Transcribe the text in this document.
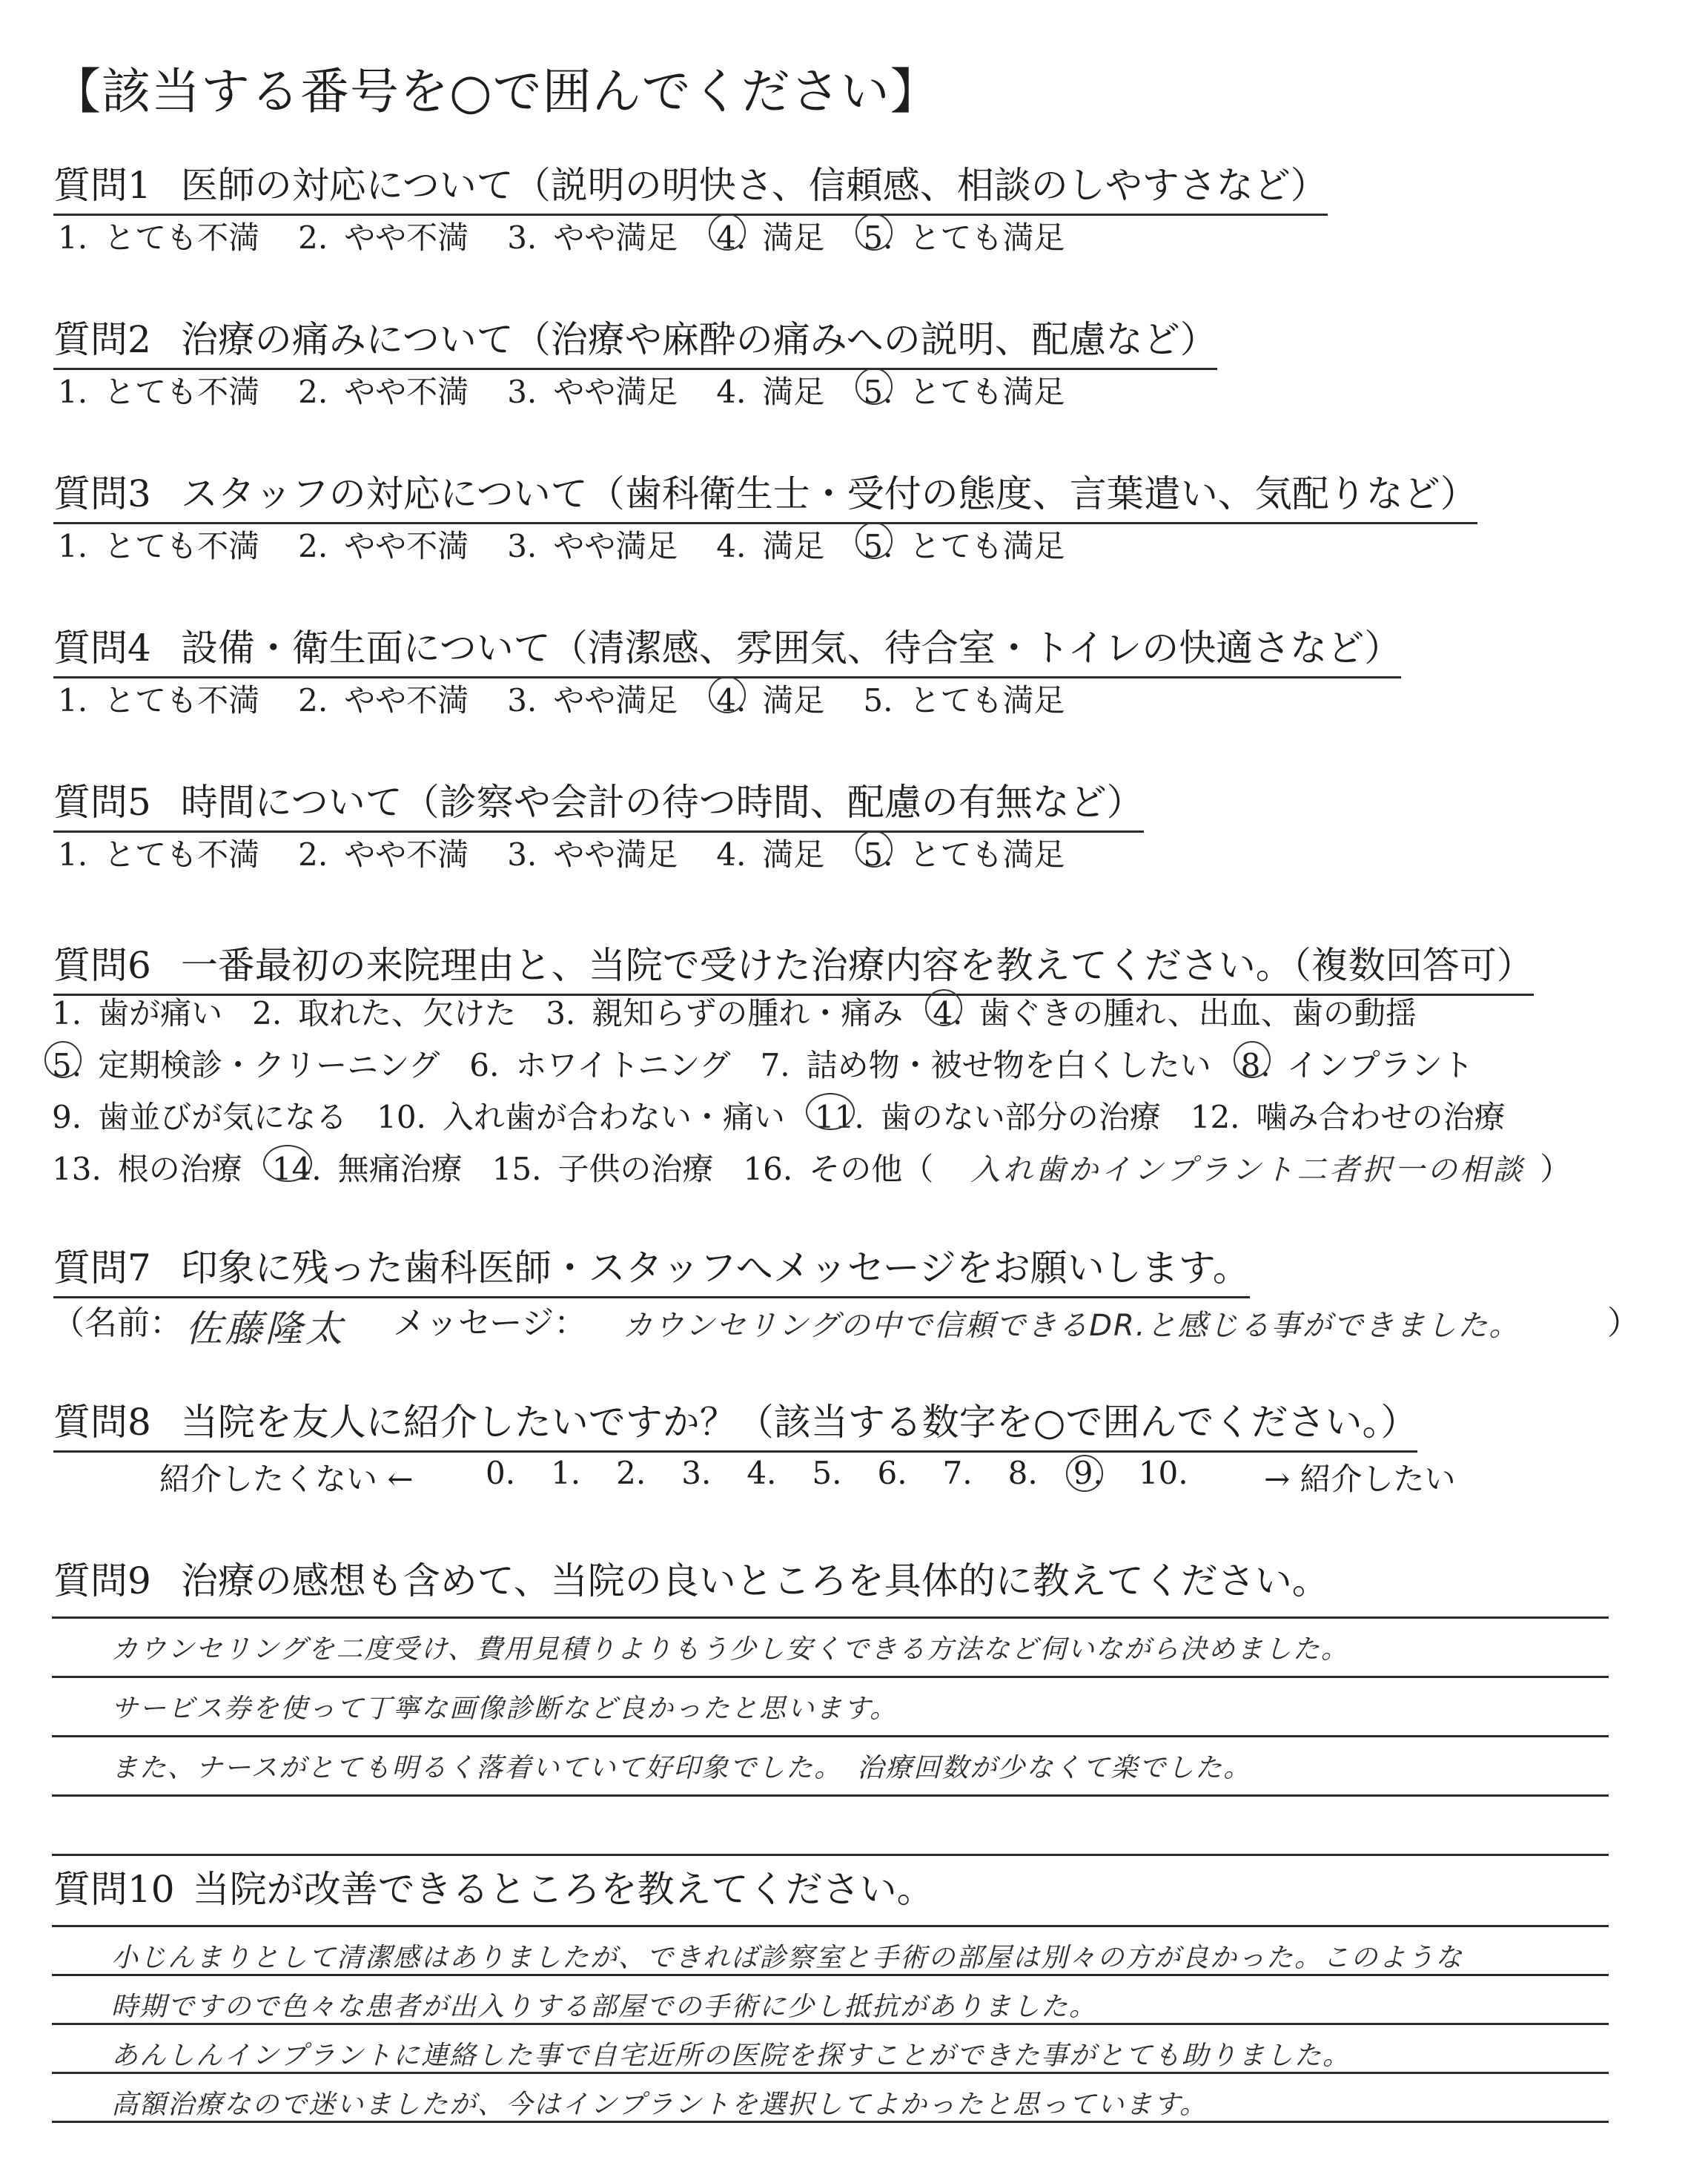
【該当する番号を○で囲んでください】
質問1 医師の対応について（説明の明快さ、信頼感、相談のしやすさなど）
1. とても不満 2. やや不満 3. やや満足 4. 満足 5. とても満足
質問2 治療の痛みについて（治療や麻酔の痛みへの説明、配慮など）
1. とても不満 2. やや不満 3. やや満足 4. 満足 5. とても満足
質問3 スタッフの対応について（歯科衛生士・受付の態度、言葉遣い、気配りなど）
1. とても不満 2. やや不満 3. やや満足 4. 満足 5. とても満足
質問4 設備・衛生面について（清潔感、雰囲気、待合室・トイレの快適さなど）
1. とても不満 2. やや不満 3. やや満足 4. 満足 5. とても満足
質問5 時間について（診察や会計の待つ時間、配慮の有無など）
1. とても不満 2. やや不満 3. やや満足 4. 満足 5. とても満足
質問6 一番最初の来院理由と、当院で受けた治療内容を教えてください。（複数回答可）
1. 歯が痛い 2. 取れた、欠けた 3. 親知らずの腫れ・痛み 4. 歯ぐきの腫れ、出血、歯の動揺
5. 定期検診・クリーニング 6. ホワイトニング 7. 詰め物・被せ物を白くしたい 8. インプラント
9. 歯並びが気になる 10. 入れ歯が合わない・痛い 11. 歯のない部分の治療 12. 噛み合わせの治療
13. 根の治療 14. 無痛治療 15. 子供の治療 16. その他（ 入れ歯かインプラント二者択一の相談 ）
質問7 印象に残った歯科医師・スタッフへメッセージをお願いします。
（名前： 佐藤隆太 メッセージ： カウンセリングの中で信頼できるDR.と感じる事ができました。	）
質問8 当院を友人に紹介したいですか？（該当する数字を○で囲んでください。）
紹介したくない ← 0. 1. 2. 3. 4. 5. 6. 7. 8. 9. 10.	→ 紹介したい
質問9 治療の感想も含めて、当院の良いところを具体的に教えてください。
カウンセリングを二度受け、費用見積りよりもう少し安くできる方法など伺いながら決めました。
サービス券を使って丁寧な画像診断など良かったと思います。
また、ナースがとても明るく落着いていて好印象でした。　治療回数が少なくて楽でした。
質問10 当院が改善できるところを教えてください。
小じんまりとして清潔感はありましたが、できれば診察室と手術の部屋は別々の方が良かった。このような
時期ですので色々な患者が出入りする部屋での手術に少し抵抗がありました。
あんしんインプラントに連絡した事で自宅近所の医院を探すことができた事がとても助りました。
高額治療なので迷いましたが、今はインプラントを選択してよかったと思っています。
